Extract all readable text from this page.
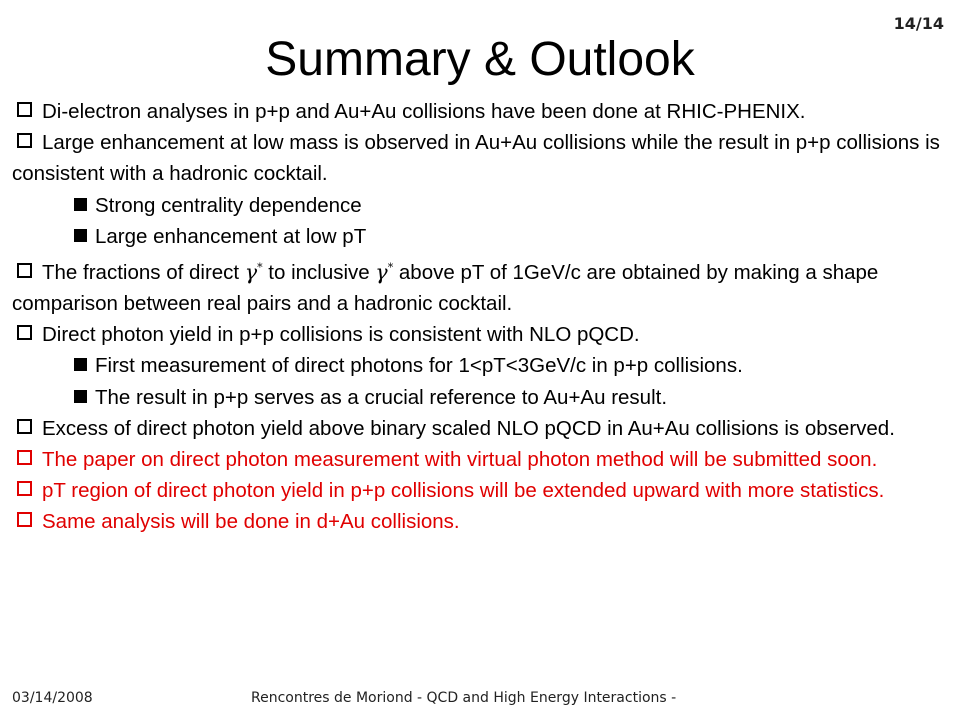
14/14
Summary & Outlook

Di-electron analyses in p+p and Au+Au collisions have been done at RHIC-PHENIX.

Large enhancement at low mass is observed in Au+Au collisions while the result in p+p collisions is consistent with a hadronic cocktail.

Strong centrality dependence

Large enhancement at low pT

The fractions of direct γ* to inclusive γ* above pT of 1GeV/c are obtained by making a shape comparison between real pairs and a hadronic cocktail.

Direct photon yield in p+p collisions is consistent with NLO pQCD.

First measurement of direct photons for 1<pT<3GeV/c in p+p collisions.

The result in p+p serves as a crucial reference to Au+Au result.

Excess of direct photon yield above binary scaled NLO pQCD in Au+Au collisions is observed.

The paper on direct photon measurement with virtual photon method will be submitted soon.

pT region of direct photon yield in p+p collisions will be extended upward with more statistics.

Same analysis will be done in d+Au collisions.

03/14/2008	Rencontres de Moriond - QCD and High Energy Interactions -
